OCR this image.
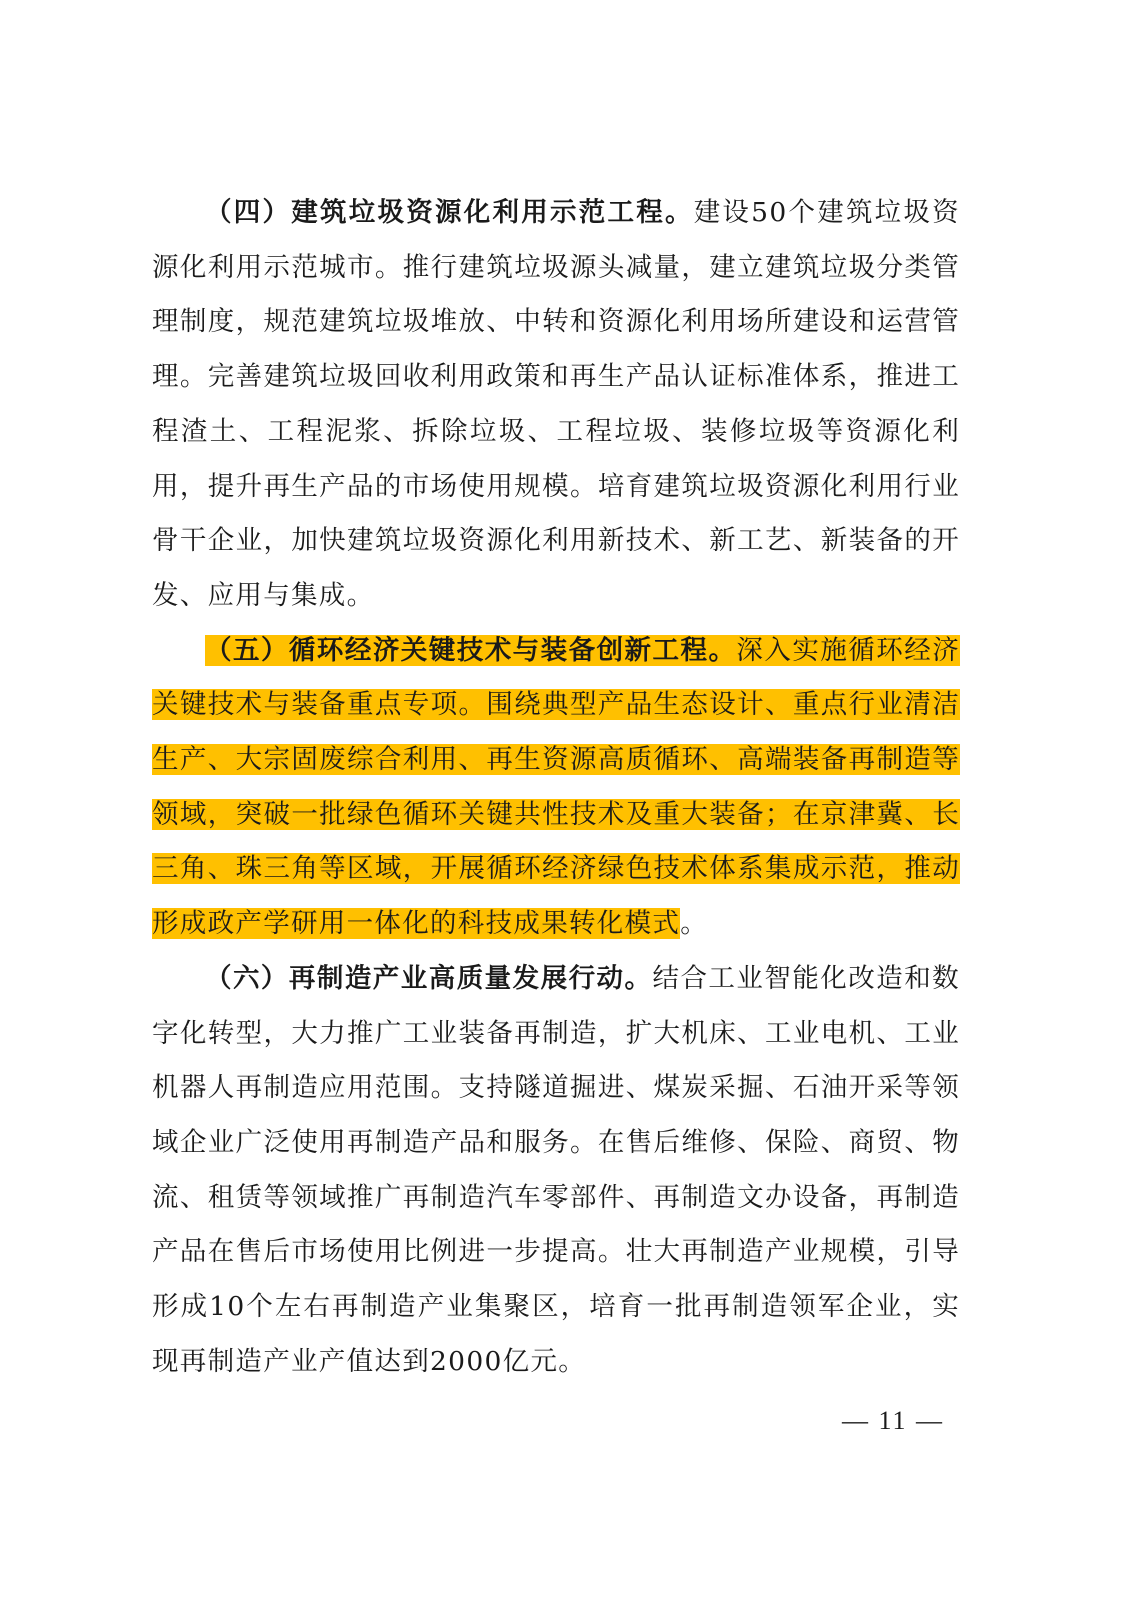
（四）建筑垃圾资源化利用示范工程。建设50个建筑垃圾资源化利用示范城市。推行建筑垃圾源头减量，建立建筑垃圾分类管理制度，规范建筑垃圾堆放、中转和资源化利用场所建设和运营管理。完善建筑垃圾回收利用政策和再生产品认证标准体系，推进工程渣土、工程泥浆、拆除垃圾、工程垃圾、装修垃圾等资源化利用，提升再生产品的市场使用规模。培育建筑垃圾资源化利用行业骨干企业，加快建筑垃圾资源化利用新技术、新工艺、新装备的开发、应用与集成。

（五）循环经济关键技术与装备创新工程。深入实施循环经济关键技术与装备重点专项。围绕典型产品生态设计、重点行业清洁生产、大宗固废综合利用、再生资源高质循环、高端装备再制造等领域，突破一批绿色循环关键共性技术及重大装备；在京津冀、长三角、珠三角等区域，开展循环经济绿色技术体系集成示范，推动形成政产学研用一体化的科技成果转化模式。

（六）再制造产业高质量发展行动。结合工业智能化改造和数字化转型，大力推广工业装备再制造，扩大机床、工业电机、工业机器人再制造应用范围。支持隧道掘进、煤炭采掘、石油开采等领域企业广泛使用再制造产品和服务。在售后维修、保险、商贸、物流、租赁等领域推广再制造汽车零部件、再制造文办设备，再制造产品在售后市场使用比例进一步提高。壮大再制造产业规模，引导形成10个左右再制造产业集聚区，培育一批再制造领军企业，实现再制造产业产值达到2000亿元。

— 11 —
